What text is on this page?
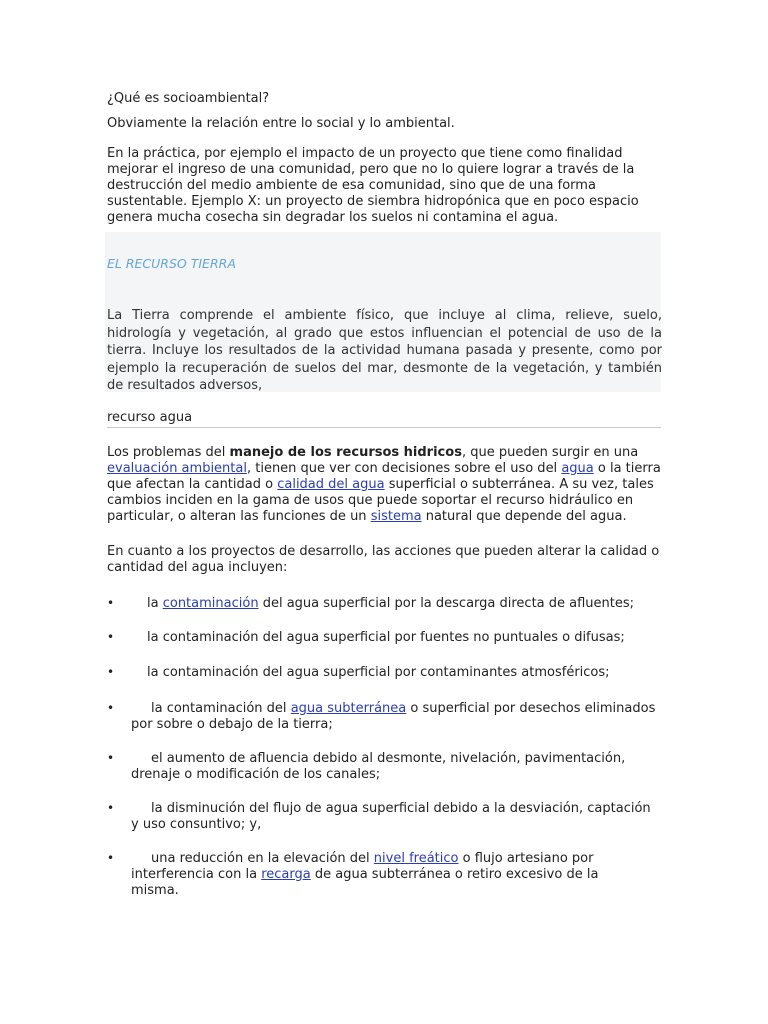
¿Qué es socioambiental?

Obviamente la relación entre lo social y lo ambiental.

En la práctica, por ejemplo el impacto de un proyecto que tiene como finalidad mejorar el ingreso de una comunidad, pero que no lo quiere lograr a través de la destrucción del medio ambiente de esa comunidad, sino que de una forma sustentable. Ejemplo X: un proyecto de siembra hidropónica que en poco espacio genera mucha cosecha sin degradar los suelos ni contamina el agua.

EL RECURSO TIERRA

La Tierra comprende el ambiente físico, que incluye al clima, relieve, suelo, hidrología y vegetación, al grado que estos influencian el potencial de uso de la tierra. Incluye los resultados de la actividad humana pasada y presente, como por ejemplo la recuperación de suelos del mar, desmonte de la vegetación, y también de resultados adversos,

recurso agua

Los problemas del manejo de los recursos hidricos, que pueden surgir en una evaluación ambiental, tienen que ver con decisiones sobre el uso del agua o la tierra que afectan la cantidad o calidad del agua superficial o subterránea. A su vez, tales cambios inciden en la gama de usos que puede soportar el recurso hidráulico en particular, o alteran las funciones de un sistema natural que depende del agua.

En cuanto a los proyectos de desarrollo, las acciones que pueden alterar la calidad o cantidad del agua incluyen:

•	la contaminación del agua superficial por la descarga directa de afluentes;
•	la contaminación del agua superficial por fuentes no puntuales o difusas;
•	la contaminación del agua superficial por contaminantes atmosféricos;
•	la contaminación del agua subterránea o superficial por desechos eliminados por sobre o debajo de la tierra;
•	el aumento de afluencia debido al desmonte, nivelación, pavimentación, drenaje o modificación de los canales;
•	la disminución del flujo de agua superficial debido a la desviación, captación y uso consuntivo; y,
•	una reducción en la elevación del nivel freático o flujo artesiano por interferencia con la recarga de agua subterránea o retiro excesivo de la misma.
